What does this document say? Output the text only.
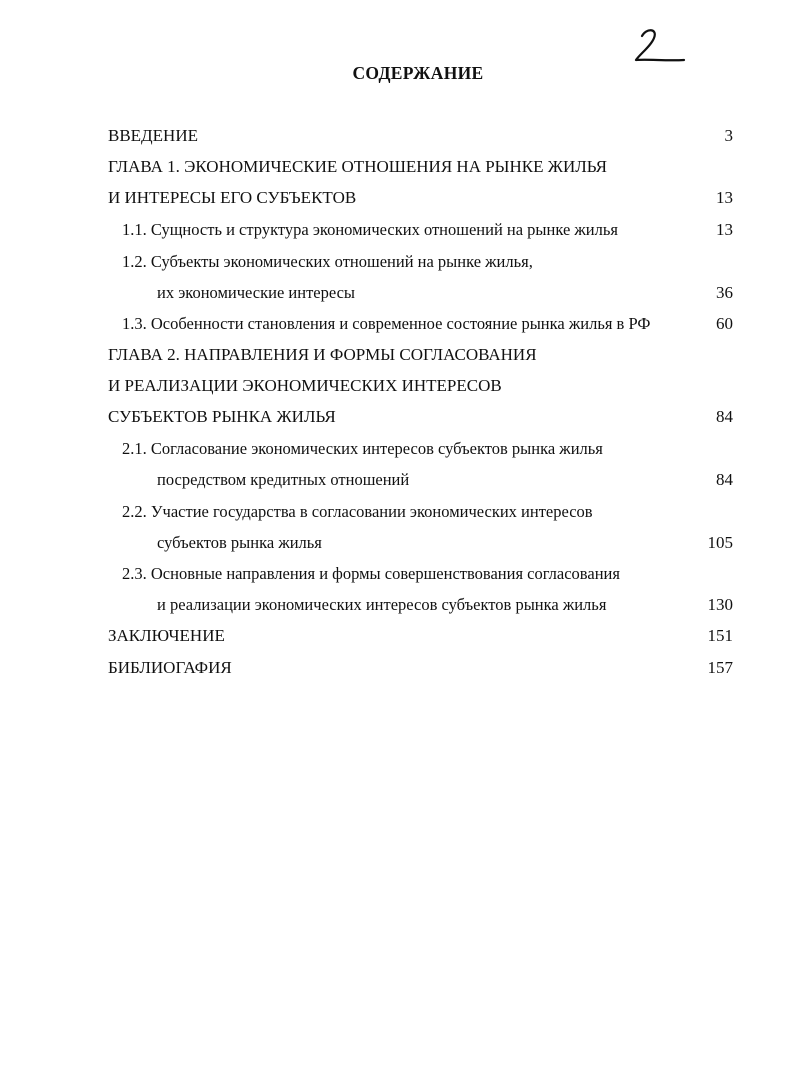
СОДЕРЖАНИЕ
ВВЕДЕНИЕ	3
ГЛАВА 1. ЭКОНОМИЧЕСКИЕ ОТНОШЕНИЯ НА РЫНКЕ ЖИЛЬЯ
И ИНТЕРЕСЫ ЕГО СУБЪЕКТОВ	13
1.1. Сущность и структура экономических отношений на рынке жилья	13
1.2. Субъекты экономических отношений на рынке жилья,
их экономические интересы	36
1.3. Особенности становления и современное состояние рынка жилья в РФ	60
ГЛАВА 2. НАПРАВЛЕНИЯ И ФОРМЫ СОГЛАСОВАНИЯ
И РЕАЛИЗАЦИИ ЭКОНОМИЧЕСКИХ ИНТЕРЕСОВ
СУБЪЕКТОВ РЫНКА ЖИЛЬЯ	84
2.1. Согласование экономических интересов субъектов рынка жилья
посредством кредитных отношений	84
2.2. Участие государства в согласовании экономических интересов
субъектов рынка жилья	105
2.3. Основные направления и формы совершенствования согласования
и реализации экономических интересов субъектов рынка жилья	130
ЗАКЛЮЧЕНИЕ	151
БИБЛИОГАФИЯ	157
